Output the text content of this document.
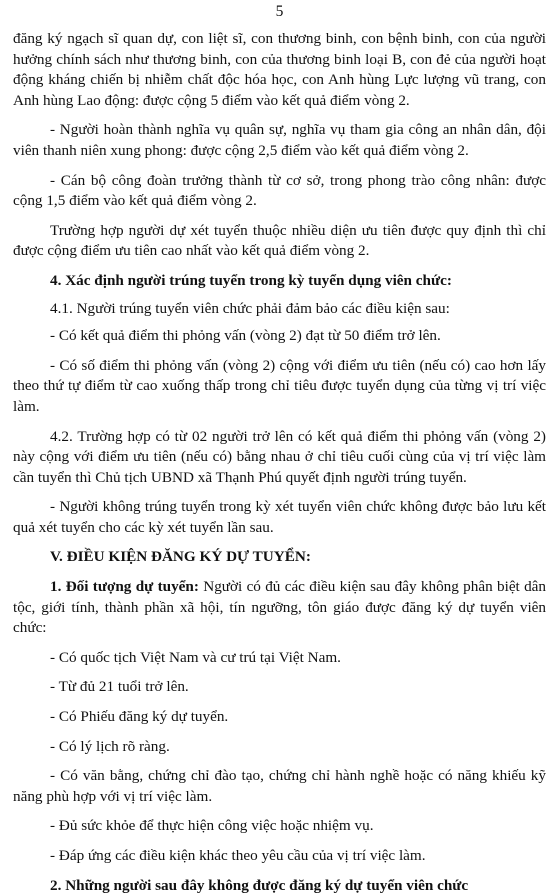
5

đăng ký ngạch sĩ quan dự, con liệt sĩ, con thương binh, con bệnh binh, con của người hưởng chính sách như thương binh, con của thương binh loại B, con đẻ của người hoạt động kháng chiến bị nhiễm chất độc hóa học, con Anh hùng Lực lượng vũ trang, con Anh hùng Lao động: được cộng 5 điểm vào kết quả điểm vòng 2.

- Người hoàn thành nghĩa vụ quân sự, nghĩa vụ tham gia công an nhân dân, đội viên thanh niên xung phong: được cộng 2,5 điểm vào kết quả điểm vòng 2.

- Cán bộ công đoàn trưởng thành từ cơ sở, trong phong trào công nhân: được cộng 1,5 điểm vào kết quả điểm vòng 2.

Trường hợp người dự xét tuyển thuộc nhiều diện ưu tiên được quy định thì chỉ được cộng điểm ưu tiên cao nhất vào kết quả điểm vòng 2.

4. Xác định người trúng tuyển trong kỳ tuyển dụng viên chức:

4.1. Người trúng tuyển viên chức phải đảm bảo các điều kiện sau:

- Có kết quả điểm thi phỏng vấn (vòng 2) đạt từ 50 điểm trở lên.

- Có số điểm thi phỏng vấn (vòng 2) cộng với điểm ưu tiên (nếu có) cao hơn lấy theo thứ tự điểm từ cao xuống thấp trong chỉ tiêu được tuyển dụng của từng vị trí việc làm.

4.2. Trường hợp có từ 02 người trở lên có kết quả điểm thi phỏng vấn (vòng 2) này cộng với điểm ưu tiên (nếu có) bằng nhau ở chỉ tiêu cuối cùng của vị trí việc làm cần tuyển thì Chủ tịch UBND xã Thạnh Phú quyết định người trúng tuyển.

- Người không trúng tuyển trong kỳ xét tuyển viên chức không được bảo lưu kết quả xét tuyển cho các kỳ xét tuyển lần sau.

V. ĐIỀU KIỆN ĐĂNG KÝ DỰ TUYỂN:

1. Đối tượng dự tuyển: Người có đủ các điều kiện sau đây không phân biệt dân tộc, giới tính, thành phần xã hội, tín ngưỡng, tôn giáo được đăng ký dự tuyển viên chức:

- Có quốc tịch Việt Nam và cư trú tại Việt Nam.

- Từ đủ 21 tuổi trở lên.

- Có Phiếu đăng ký dự tuyển.

- Có lý lịch rõ ràng.

- Có văn bằng, chứng chỉ đào tạo, chứng chỉ hành nghề hoặc có năng khiếu kỹ năng phù hợp với vị trí việc làm.

- Đủ sức khỏe để thực hiện công việc hoặc nhiệm vụ.

- Đáp ứng các điều kiện khác theo yêu cầu của vị trí việc làm.

2. Những người sau đây không được đăng ký dự tuyển viên chức
